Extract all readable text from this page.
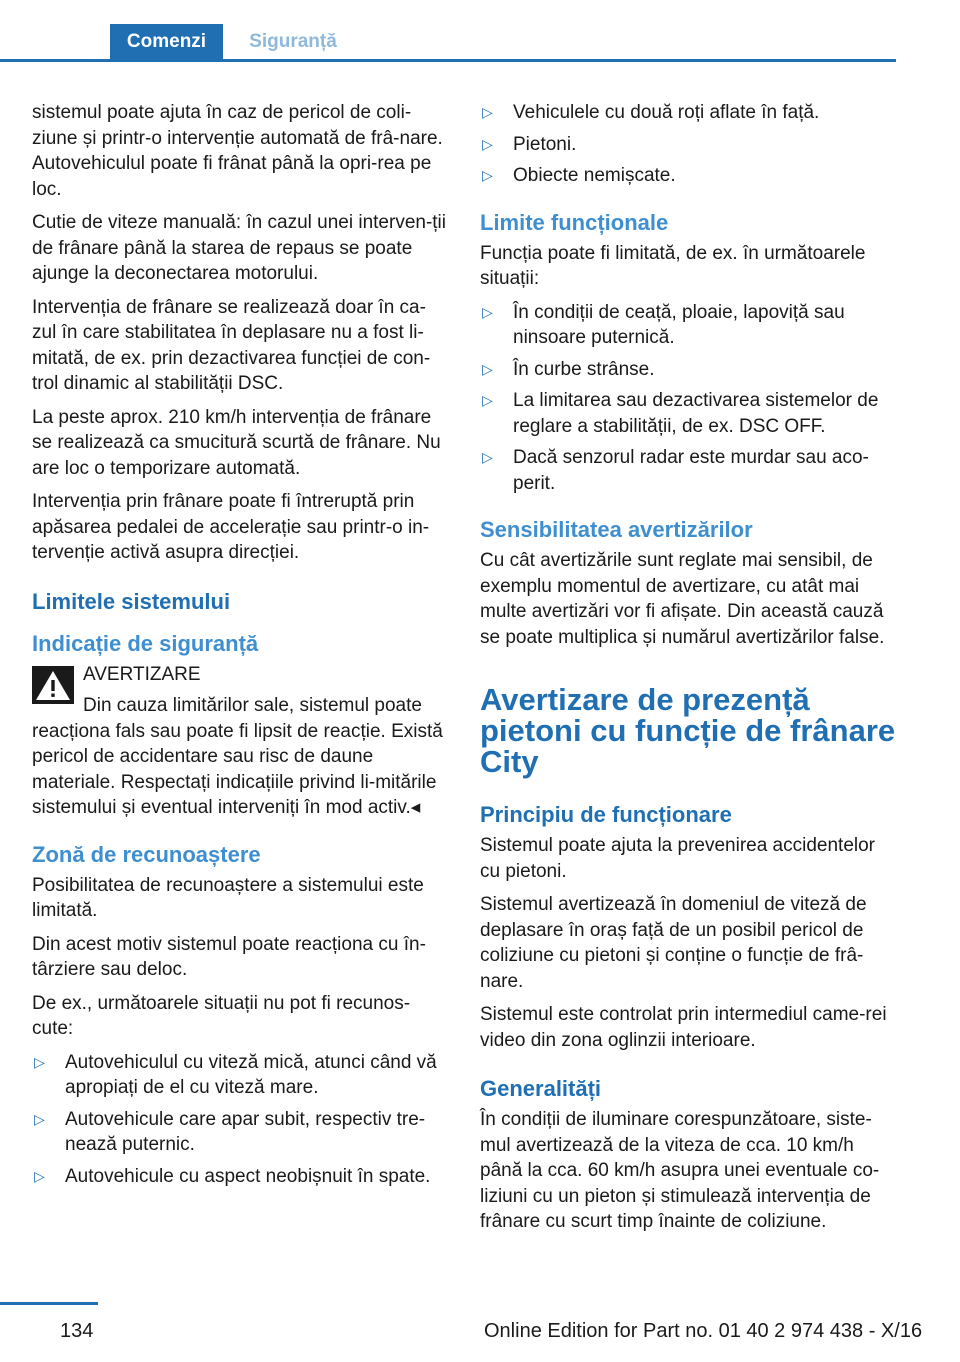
Comenzi	Siguranță

sistemul poate ajuta în caz de pericol de coli‐ziune și printr-o intervenție automată de frâ‐nare. Autovehiculul poate fi frânat până la opri‐rea pe loc.

Cutie de viteze manuală: în cazul unei interven‐ții de frânare până la starea de repaus se poate ajunge la deconectarea motorului.

Intervenția de frânare se realizează doar în ca‐zul în care stabilitatea în deplasare nu a fost li‐mitată, de ex. prin dezactivarea funcției de con‐trol dinamic al stabilității DSC.

La peste aprox. 210 km/h intervenția de frânare se realizează ca smucitură scurtă de frânare. Nu are loc o temporizare automată.

Intervenția prin frânare poate fi întreruptă prin apăsarea pedalei de accelerație sau printr-o in‐tervenție activă asupra direcției.

Limitele sistemului
Indicație de siguranță

AVERTIZARE

Din cauza limitărilor sale, sistemul poate

reacționa fals sau poate fi lipsit de reacție. Există pericol de accidentare sau risc de daune materiale. Respectați indicațiile privind li‐mitările sistemului și eventual interveniți în mod activ.◂

Zonă de recunoaștere

Posibilitatea de recunoaștere a sistemului este limitată.

Din acest motiv sistemul poate reacționa cu în‐târziere sau deloc.

De ex., următoarele situații nu pot fi recunos‐cute:

▷ Autovehiculul cu viteză mică, atunci când vă apropiați de el cu viteză mare.
▷ Autovehicule care apar subit, respectiv tre‐nează puternic.
▷ Autovehicule cu aspect neobișnuit în spate.
▷ Vehiculele cu două roți aflate în față.
▷ Pietoni.
▷ Obiecte nemișcate.
Limite funcționale

Funcția poate fi limitată, de ex. în următoarele situații:

▷ În condiții de ceață, ploaie, lapoviță sau ninsoare puternică.
▷ În curbe strânse.
▷ La limitarea sau dezactivarea sistemelor de reglare a stabilității, de ex. DSC OFF.
▷ Dacă senzorul radar este murdar sau aco‐perit.
Sensibilitatea avertizărilor

Cu cât avertizările sunt reglate mai sensibil, de exemplu momentul de avertizare, cu atât mai multe avertizări vor fi afișate. Din această cauză se poate multiplica și numărul avertizărilor false.

Avertizare de prezență pietoni cu funcție de frânare City
Principiu de funcționare

Sistemul poate ajuta la prevenirea accidentelor cu pietoni.

Sistemul avertizează în domeniul de viteză de deplasare în oraș față de un posibil pericol de coliziune cu pietoni și conține o funcție de frâ‐nare.

Sistemul este controlat prin intermediul came‐rei video din zona oglinzii interioare.

Generalități

În condiții de iluminare corespunzătoare, siste‐mul avertizează de la viteza de cca. 10 km/h până la cca. 60 km/h asupra unei eventuale co‐liziuni cu un pieton și stimulează intervenția de frânare cu scurt timp înainte de coliziune.

134	Online Edition for Part no. 01 40 2 974 438 - X/16
